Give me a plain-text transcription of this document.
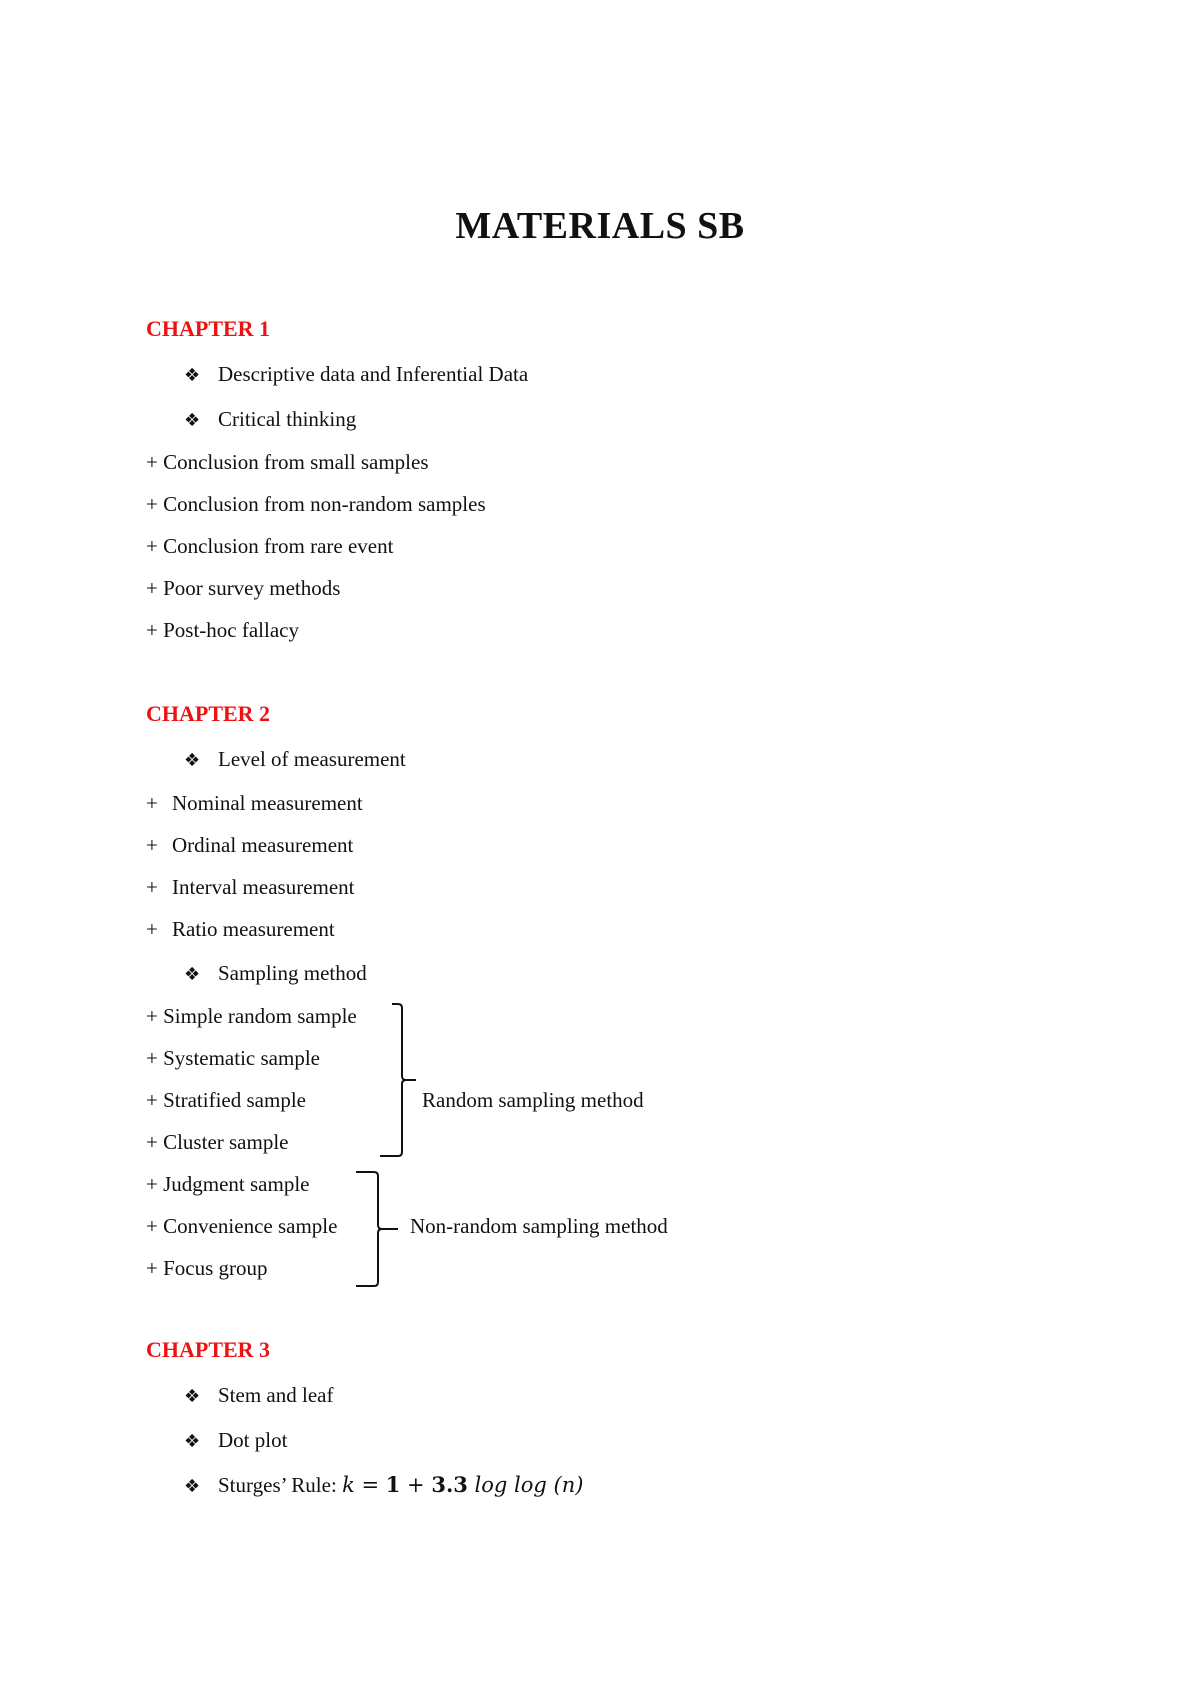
MATERIALS SB
CHAPTER 1
❖ Descriptive data and Inferential Data
❖ Critical thinking
+ Conclusion from small samples
+ Conclusion from non-random samples
+ Conclusion from rare event
+ Poor survey methods
+ Post-hoc fallacy
CHAPTER 2
❖ Level of measurement
+ Nominal measurement
+ Ordinal measurement
+ Interval measurement
+ Ratio measurement
❖ Sampling method
+ Simple random sample
+ Systematic sample
+ Stratified sample
+ Cluster sample
Random sampling method
+ Judgment sample
+ Convenience sample
+ Focus group
Non-random sampling method
CHAPTER 3
❖ Stem and leaf
❖ Dot plot
❖ Sturges’ Rule: k = 1 + 3.3 log log (n)
